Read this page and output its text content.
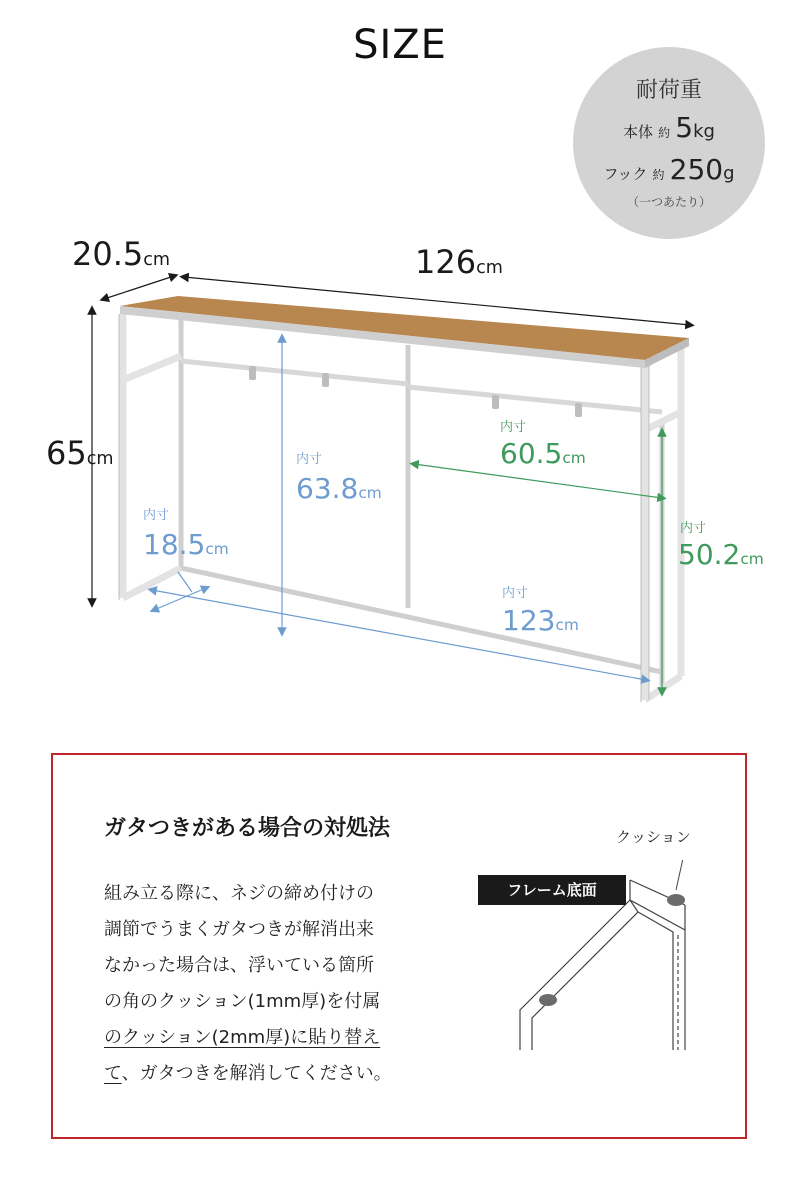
SIZE
耐荷重
本体 約 5kg
フック 約 250g
（一つあたり）
20.5cm	126cm
65cm	内寸
63.8cm
内寸
18.5cm
内寸
60.5cm
内寸
50.2cm
内寸
123cm
ガタつきがある場合の対処法
組み立る際に、ネジの締め付けの
調節でうまくガタつきが解消出来
なかった場合は、浮いている箇所
の角のクッション(1mm厚)を付属
のクッション(2mm厚)に貼り替え
て、ガタつきを解消してください。
フレーム底面
クッション
